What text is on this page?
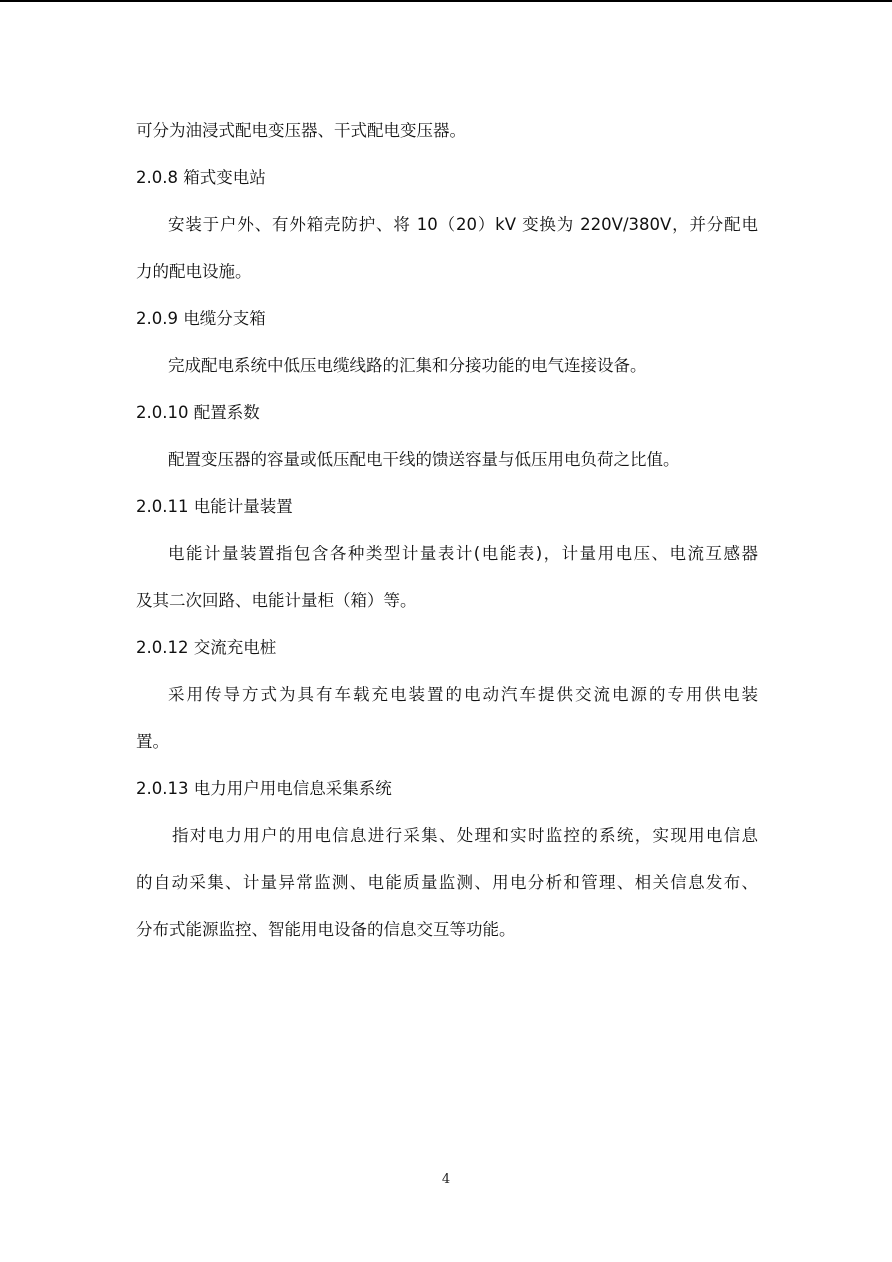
可分为油浸式配电变压器、干式配电变压器。
2.0.8 箱式变电站
安装于户外、有外箱壳防护、将 10（20）kV 变换为 220V/380V，并分配电
力的配电设施。
2.0.9 电缆分支箱
完成配电系统中低压电缆线路的汇集和分接功能的电气连接设备。
2.0.10 配置系数
配置变压器的容量或低压配电干线的馈送容量与低压用电负荷之比值。
2.0.11 电能计量装置
电能计量装置指包含各种类型计量表计(电能表)，计量用电压、电流互感器
及其二次回路、电能计量柜（箱）等。
2.0.12 交流充电桩
采用传导方式为具有车载充电装置的电动汽车提供交流电源的专用供电装
置。
2.0.13 电力用户用电信息采集系统
指对电力用户的用电信息进行采集、处理和实时监控的系统，实现用电信息
的自动采集、计量异常监测、电能质量监测、用电分析和管理、相关信息发布、
分布式能源监控、智能用电设备的信息交互等功能。
4
